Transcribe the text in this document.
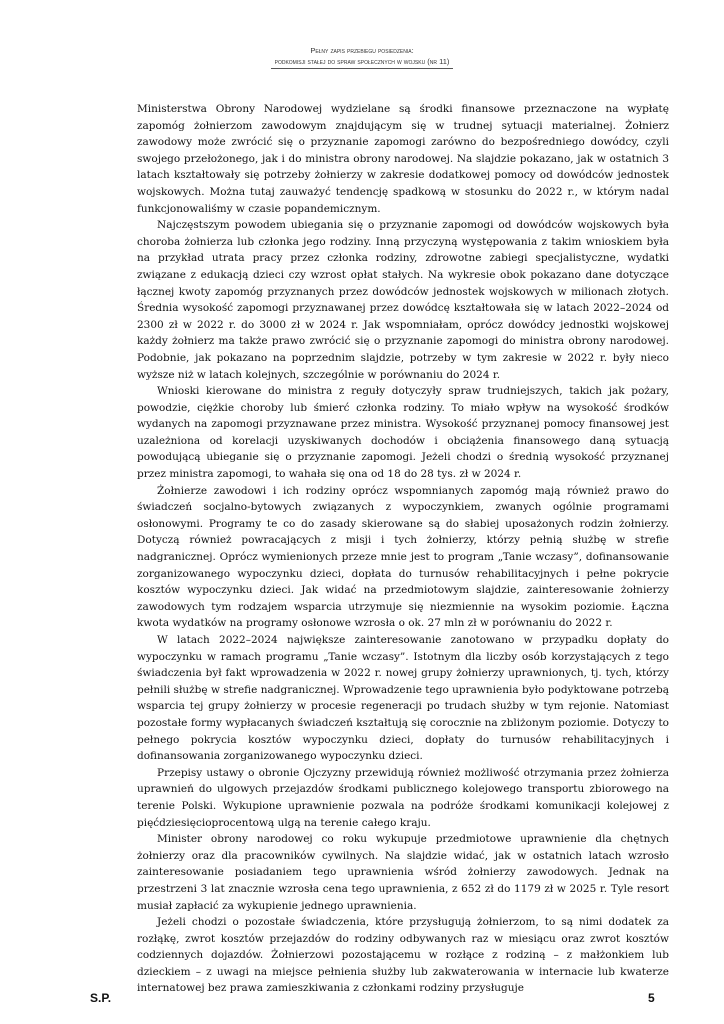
Pełny zapis przebiegu posiedzenia:
podkomisji stałej do spraw społecznych w wojsku (nr 11)

Ministerstwa Obrony Narodowej wydzielane są środki finansowe przeznaczone na wypłatę zapomóg żołnierzom zawodowym znajdującym się w trudnej sytuacji materialnej. Żołnierz zawodowy może zwrócić się o przyznanie zapomogi zarówno do bezpośredniego dowódcy, czyli swojego przełożonego, jak i do ministra obrony narodowej. Na slajdzie pokazano, jak w ostatnich 3 latach kształtowały się potrzeby żołnierzy w zakresie dodatkowej pomocy od dowódców jednostek wojskowych. Można tutaj zauważyć tendencję spadkową w stosunku do 2022 r., w którym nadal funkcjonowaliśmy w czasie popandemicznym.

Najczęstszym powodem ubiegania się o przyznanie zapomogi od dowódców wojskowych była choroba żołnierza lub członka jego rodziny. Inną przyczyną występowania z takim wnioskiem była na przykład utrata pracy przez członka rodziny, zdrowotne zabiegi specjalistyczne, wydatki związane z edukacją dzieci czy wzrost opłat stałych. Na wykresie obok pokazano dane dotyczące łącznej kwoty zapomóg przyznanych przez dowódców jednostek wojskowych w milionach złotych. Średnia wysokość zapomogi przyznawanej przez dowódcę kształtowała się w latach 2022–2024 od 2300 zł w 2022 r. do 3000 zł w 2024 r. Jak wspomniałam, oprócz dowódcy jednostki wojskowej każdy żołnierz ma także prawo zwrócić się o przyznanie zapomogi do ministra obrony narodowej. Podobnie, jak pokazano na poprzednim slajdzie, potrzeby w tym zakresie w 2022 r. były nieco wyższe niż w latach kolejnych, szczególnie w porównaniu do 2024 r.

Wnioski kierowane do ministra z reguły dotyczyły spraw trudniejszych, takich jak pożary, powodzie, ciężkie choroby lub śmierć członka rodziny. To miało wpływ na wysokość środków wydanych na zapomogi przyznawane przez ministra. Wysokość przyznanej pomocy finansowej jest uzależniona od korelacji uzyskiwanych dochodów i obciążenia finansowego daną sytuacją powodującą ubieganie się o przyznanie zapomogi. Jeżeli chodzi o średnią wysokość przyznanej przez ministra zapomogi, to wahała się ona od 18 do 28 tys. zł w 2024 r.

Żołnierze zawodowi i ich rodziny oprócz wspomnianych zapomóg mają również prawo do świadczeń socjalno-bytowych związanych z wypoczynkiem, zwanych ogólnie programami osłonowymi. Programy te co do zasady skierowane są do słabiej uposażonych rodzin żołnierzy. Dotyczą również powracających z misji i tych żołnierzy, którzy pełnią służbę w strefie nadgranicznej. Oprócz wymienionych przeze mnie jest to program „Tanie wczasy”, dofinansowanie zorganizowanego wypoczynku dzieci, dopłata do turnusów rehabilitacyjnych i pełne pokrycie kosztów wypoczynku dzieci. Jak widać na przedmiotowym slajdzie, zainteresowanie żołnierzy zawodowych tym rodzajem wsparcia utrzymuje się niezmiennie na wysokim poziomie. Łączna kwota wydatków na programy osłonowe wzrosła o ok. 27 mln zł w porównaniu do 2022 r.

W latach 2022–2024 największe zainteresowanie zanotowano w przypadku dopłaty do wypoczynku w ramach programu „Tanie wczasy”. Istotnym dla liczby osób korzystających z tego świadczenia był fakt wprowadzenia w 2022 r. nowej grupy żołnierzy uprawnionych, tj. tych, którzy pełnili służbę w strefie nadgranicznej. Wprowadzenie tego uprawnienia było podyktowane potrzebą wsparcia tej grupy żołnierzy w procesie regeneracji po trudach służby w tym rejonie. Natomiast pozostałe formy wypłacanych świadczeń kształtują się corocznie na zbliżonym poziomie. Dotyczy to pełnego pokrycia kosztów wypoczynku dzieci, dopłaty do turnusów rehabilitacyjnych i dofinansowania zorganizowanego wypoczynku dzieci.

Przepisy ustawy o obronie Ojczyzny przewidują również możliwość otrzymania przez żołnierza uprawnień do ulgowych przejazdów środkami publicznego kolejowego transportu zbiorowego na terenie Polski. Wykupione uprawnienie pozwala na podróże środkami komunikacji kolejowej z pięćdziesięcioprocentową ulgą na terenie całego kraju.

Minister obrony narodowej co roku wykupuje przedmiotowe uprawnienie dla chętnych żołnierzy oraz dla pracowników cywilnych. Na slajdzie widać, jak w ostatnich latach wzrosło zainteresowanie posiadaniem tego uprawnienia wśród żołnierzy zawodowych. Jednak na przestrzeni 3 lat znacznie wzrosła cena tego uprawnienia, z 652 zł do 1179 zł w 2025 r. Tyle resort musiał zapłacić za wykupienie jednego uprawnienia.

Jeżeli chodzi o pozostałe świadczenia, które przysługują żołnierzom, to są nimi dodatek za rozłąkę, zwrot kosztów przejazdów do rodziny odbywanych raz w miesiącu oraz zwrot kosztów codziennych dojazdów. Żołnierzowi pozostającemu w rozłące z rodziną – z małżonkiem lub dzieckiem – z uwagi na miejsce pełnienia służby lub zakwaterowania w internacie lub kwaterze internatowej bez prawa zamieszkiwania z członkami rodziny przysługuje

S.P.	5
